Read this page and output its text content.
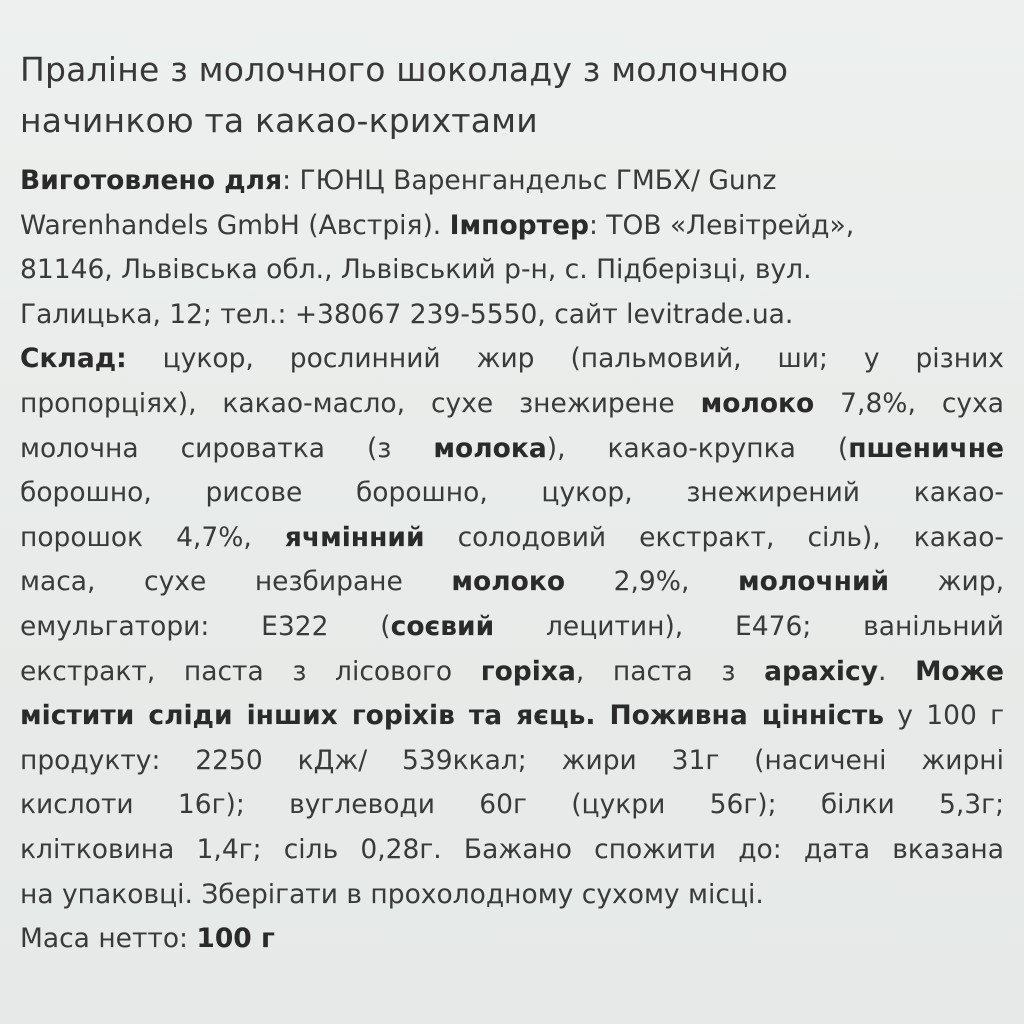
Праліне з молочного шоколаду з молочною
начинкою та какао-крихтами
Виготовлено для: ГЮНЦ Варенгандельс ГМБХ/ Gunz
Warenhandels GmbH (Австрія). Імпортер: ТОВ «Левітрейд»,
81146, Львівська обл., Львівський р-н, с. Підберізці, вул.
Галицька, 12; тел.: +38067 239-5550, сайт levitrade.ua.
Склад: цукор, рослинний жир (пальмовий, ши; у різних
пропорціях), какао-масло, сухе знежирене молоко 7,8%, суха
молочна сироватка (з молока), какао-крупка (пшеничне
борошно, рисове борошно, цукор, знежирений какао-
порошок 4,7%, ячмінний солодовий екстракт, сіль), какао-
маса, сухе незбиране молоко 2,9%, молочний жир,
емульгатори: Е322 (соєвий лецитин), Е476; ванільний
екстракт, паста з лісового горіха, паста з арахісу. Може
містити сліди інших горіхів та яєць. Поживна цінність у 100 г
продукту: 2250 кДж/ 539ккал; жири 31г (насичені жирні
кислоти 16г); вуглеводи 60г (цукри 56г); білки 5,3г;
клітковина 1,4г; сіль 0,28г. Бажано спожити до: дата вказана
на упаковці. Зберігати в прохолодному сухому місці.
Маса нетто: 100 г
